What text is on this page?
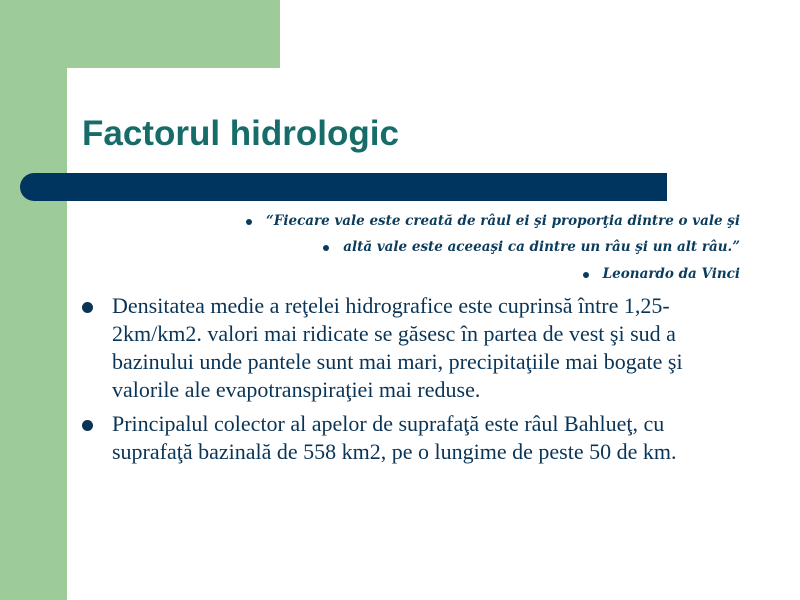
Factorul hidrologic

“Fiecare vale este creată de râul ei şi proporţia dintre o vale şi

altă vale este aceeaşi ca dintre un râu şi un alt râu.”

Leonardo da Vinci

Densitatea medie a reţelei hidrografice este cuprinsă între 1,25-2km/km2. valori mai ridicate se găsesc în partea de vest şi sud a bazinului unde pantele sunt mai mari, precipitaţiile mai bogate şi valorile ale evapotranspiraţiei mai reduse.
Principalul colector al apelor de suprafaţă este râul Bahlueţ, cu suprafaţă bazinală de 558 km2, pe o lungime de peste 50 de km.
